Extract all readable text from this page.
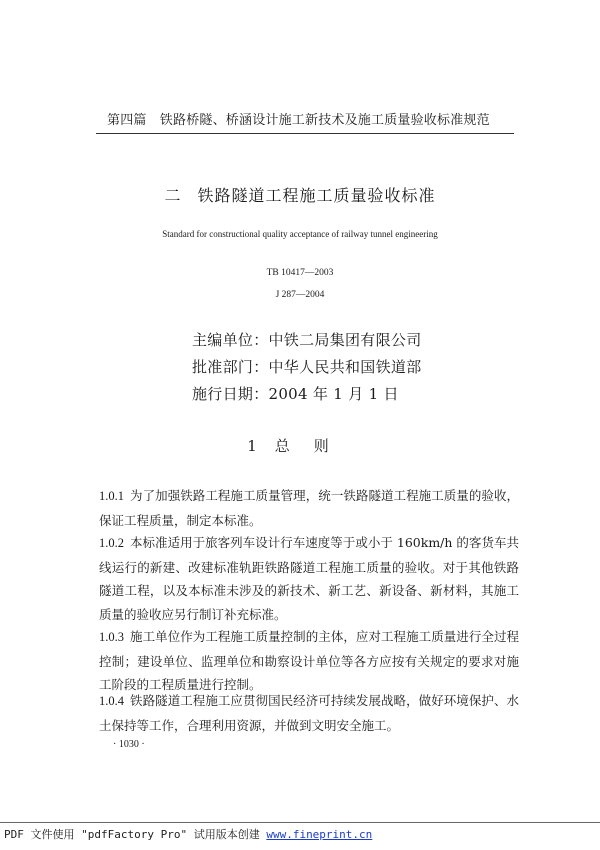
第四篇　铁路桥隧、桥涵设计施工新技术及施工质量验收标准规范
二 铁路隧道工程施工质量验收标准
Standard for constructional quality acceptance of railway tunnel engineering
TB 10417—2003
J 287—2004
主编单位：中铁二局集团有限公司
批准部门：中华人民共和国铁道部
施行日期：2004 年 1 月 1 日
1 总则
1.0.1 为了加强铁路工程施工质量管理，统一铁路隧道工程施工质量的验收，保证工程质量，制定本标准。
1.0.2 本标准适用于旅客列车设计行车速度等于或小于 160km/h 的客货车共线运行的新建、改建标准轨距铁路隧道工程施工质量的验收。对于其他铁路隧道工程，以及本标准未涉及的新技术、新工艺、新设备、新材料，其施工质量的验收应另行制订补充标准。
1.0.3 施工单位作为工程施工质量控制的主体，应对工程施工质量进行全过程控制；建设单位、监理单位和勘察设计单位等各方应按有关规定的要求对施工阶段的工程质量进行控制。
1.0.4 铁路隧道工程施工应贯彻国民经济可持续发展战略，做好环境保护、水土保持等工作，合理利用资源，并做到文明安全施工。
· 1030 ·
PDF 文件使用 "pdfFactory Pro" 试用版本创建 www.fineprint.cn
